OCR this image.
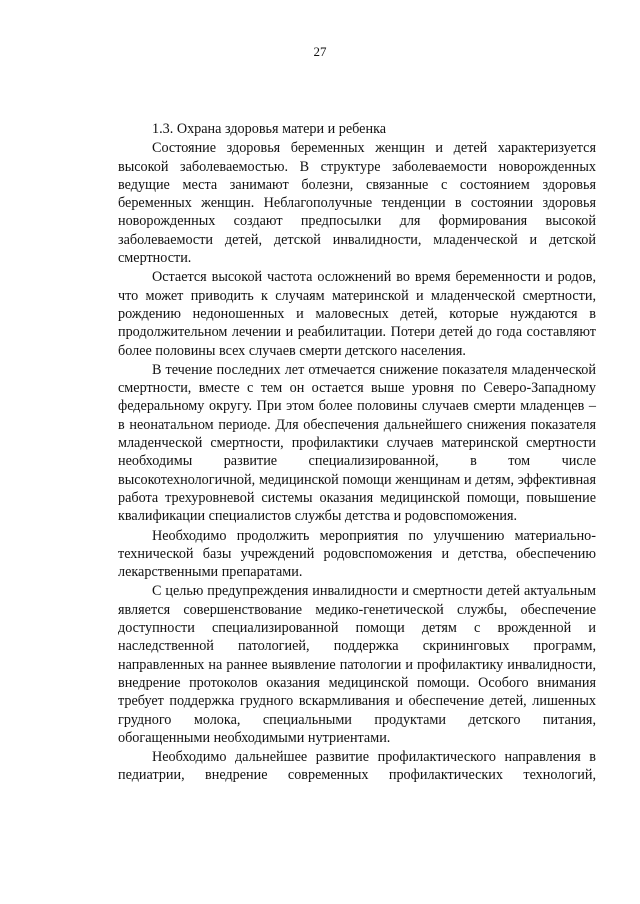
27
1.3. Охрана здоровья матери и ребенка

Состояние здоровья беременных женщин и детей характеризуется высокой заболеваемостью. В структуре заболеваемости новорожденных ведущие места занимают болезни, связанные с состоянием здоровья беременных женщин. Неблагополучные тенденции в состоянии здоровья новорожденных создают предпосылки для формирования высокой заболеваемости детей, детской инвалидности, младенческой и детской смертности.

Остается высокой частота осложнений во время беременности и родов, что может приводить к случаям материнской и младенческой смертности, рождению недоношенных и маловесных детей, которые нуждаются в продолжительном лечении и реабилитации. Потери детей до года составляют более половины всех случаев смерти детского населения.

В течение последних лет отмечается снижение показателя младенческой смертности, вместе с тем он остается выше уровня по Северо-Западному федеральному округу. При этом более половины случаев смерти младенцев – в неонатальном периоде. Для обеспечения дальнейшего снижения показателя младенческой смертности, профилактики случаев материнской смертности необходимы развитие специализированной, в том числе высокотехнологичной, медицинской помощи женщинам и детям, эффективная работа трехуровневой системы оказания медицинской помощи, повышение квалификации специалистов службы детства и родовспоможения.

Необходимо продолжить мероприятия по улучшению материально-технической базы учреждений родовспоможения и детства, обеспечению лекарственными препаратами.

С целью предупреждения инвалидности и смертности детей актуальным является совершенствование медико-генетической службы, обеспечение доступности специализированной помощи детям с врожденной и наследственной патологией, поддержка скрининговых программ, направленных на раннее выявление патологии и профилактику инвалидности, внедрение протоколов оказания медицинской помощи. Особого внимания требует поддержка грудного вскармливания и обеспечение детей, лишенных грудного молока, специальными продуктами детского питания, обогащенными необходимыми нутриентами.

Необходимо дальнейшее развитие профилактического направления в педиатрии, внедрение современных профилактических технологий,
